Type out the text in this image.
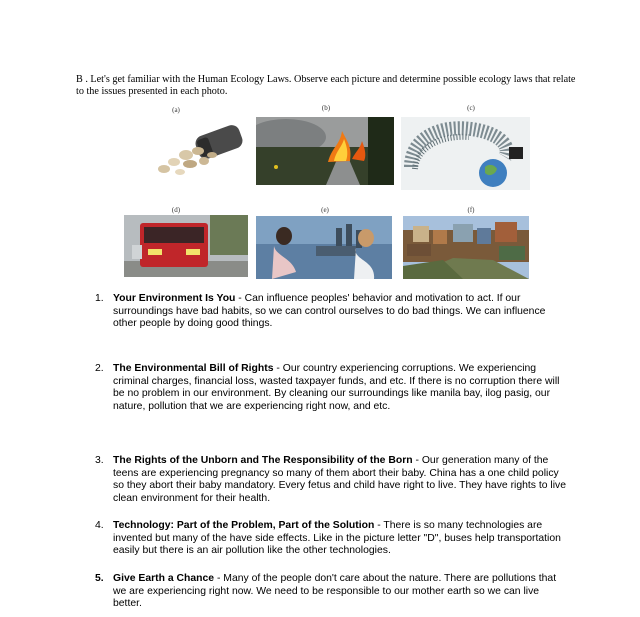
B . Let's get familiar with the Human Ecology Laws. Observe each picture and determine possible ecology laws that relate to the issues presented in each photo.
(a)	(b)	(c)
(d)	(e)	(f)
1. Your Environment Is You - Can influence peoples' behavior and motivation to act. If our surroundings have bad habits, so we can control ourselves to do bad things. We can influence other people by doing good things.
2. The Environmental Bill of Rights - Our country experiencing corruptions. We experiencing criminal charges, financial loss, wasted taxpayer funds, and etc. If there is no corruption there will be no problem in our environment. By cleaning our surroundings like manila bay, ilog pasig, our nature, pollution that we are experiencing right now, and etc.
3. The Rights of the Unborn and The Responsibility of the Born - Our generation many of the teens are experiencing pregnancy so many of them abort their baby. China has a one child policy so they abort their baby mandatory. Every fetus and child have right to live. They have rights to live clean environment for their health.
4. Technology: Part of the Problem, Part of the Solution - There is so many technologies are invented but many of the have side effects. Like in the picture letter "D", buses help transportation easily but there is an air pollution like the other technologies.
5. Give Earth a Chance - Many of the people don't care about the nature. There are pollutions that we are experiencing right now. We need to be responsible to our mother earth so we can live better.
